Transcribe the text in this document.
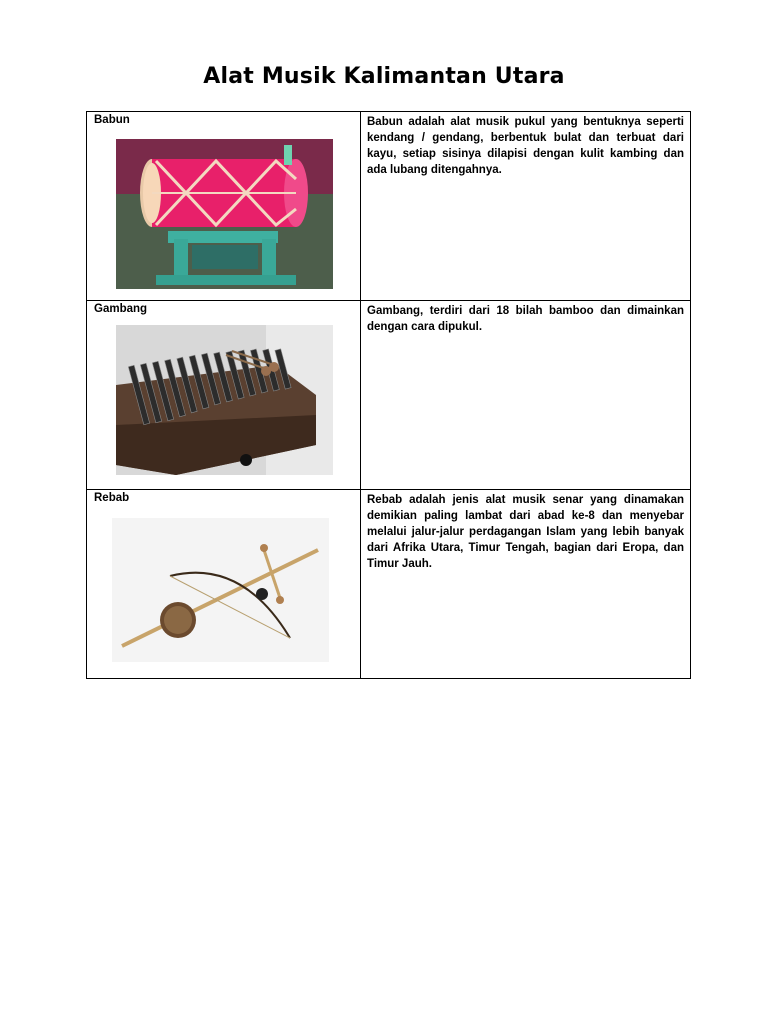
Alat Musik Kalimantan Utara
Babun	Babun adalah alat musik pukul yang bentuknya seperti kendang / gendang, berbentuk bulat dan terbuat dari kayu, setiap sisinya dilapisi dengan kulit kambing dan ada lubang ditengahnya.

Gambang	Gambang, terdiri dari 18 bilah bamboo dan dimainkan dengan cara dipukul.

Rebab	Rebab adalah jenis alat musik senar yang dinamakan demikian paling lambat dari abad ke-8 dan menyebar melalui jalur-jalur perdagangan Islam yang lebih banyak dari Afrika Utara, Timur Tengah, bagian dari Eropa, dan Timur Jauh.
